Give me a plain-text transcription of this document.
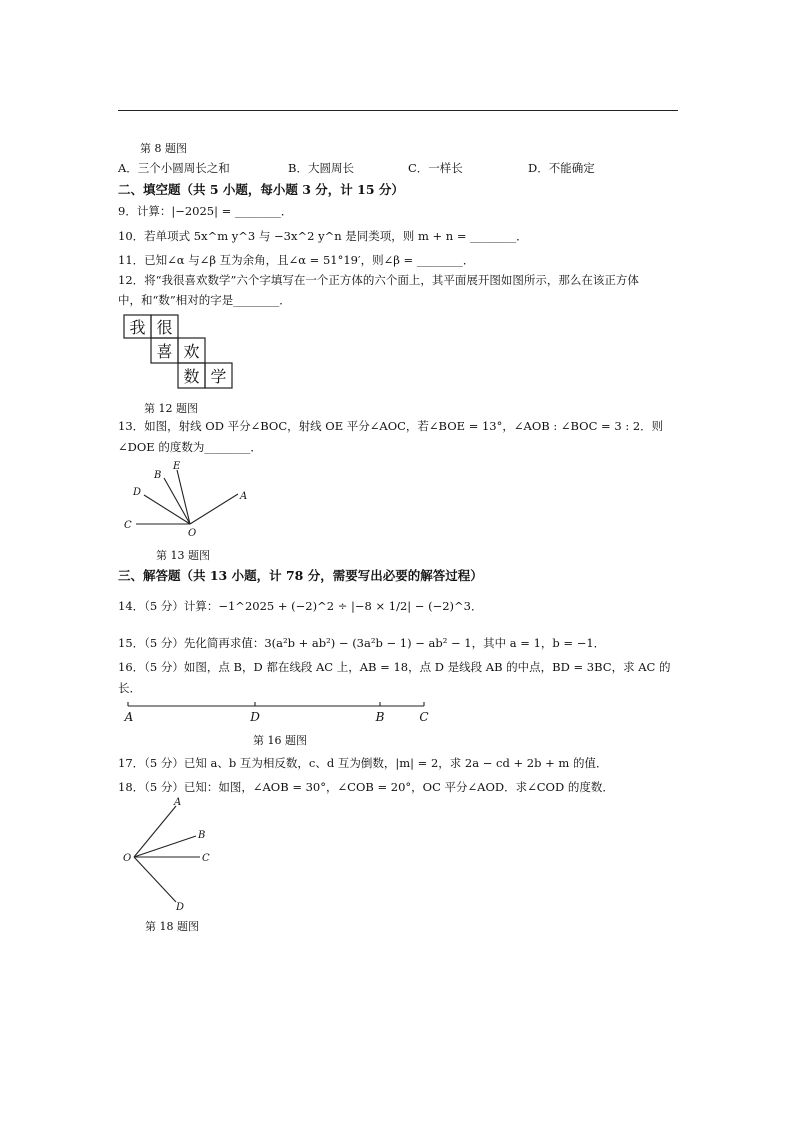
第 8 题图
A．三个小圆周长之和	B．大圆周长	C．一样长	D．不能确定
二、填空题（共 5 小题，每小题 3 分，计 15 分）
9．计算：|−2025| = ________．
10．若单项式 5x^m y^3 与 −3x^2 y^n 是同类项，则 m + n = ________．
11．已知∠α 与∠β 互为余角，且∠α = 51°19′，则∠β = ________．
12．将“我很喜欢数学”六个字填写在一个正方体的六个面上，其平面展开图如图所示，那么在该正方体
中，和“数”相对的字是________．
我 很
喜 欢
数 学
第 12 题图
13．如图，射线 OD 平分∠BOC，射线 OE 平分∠AOC，若∠BOE = 13°，∠AOB : ∠BOC = 3 : 2．则
∠DOE 的度数为________．
B
E
D	A
C
O
第 13 题图
三、解答题（共 13 小题，计 78 分，需要写出必要的解答过程）
14．（5 分）计算：−1^2025 + (−2)^2 ÷ |−8 × 1/2| − (−2)^3．
15．（5 分）先化简再求值：3(a²b + ab²) − (3a²b − 1) − ab² − 1，其中 a = 1，b = −1．
16．（5 分）如图，点 B，D 都在线段 AC 上，AB = 18，点 D 是线段 AB 的中点，BD = 3BC，求 AC 的
长．
A	D	B	C
第 16 题图
17．（5 分）已知 a、b 互为相反数，c、d 互为倒数，|m| = 2，求 2a − cd + 2b + m 的值．
18．（5 分）已知：如图，∠AOB = 30°，∠COB = 20°，OC 平分∠AOD．求∠COD 的度数．
A
B
O	C
D
第 18 题图
